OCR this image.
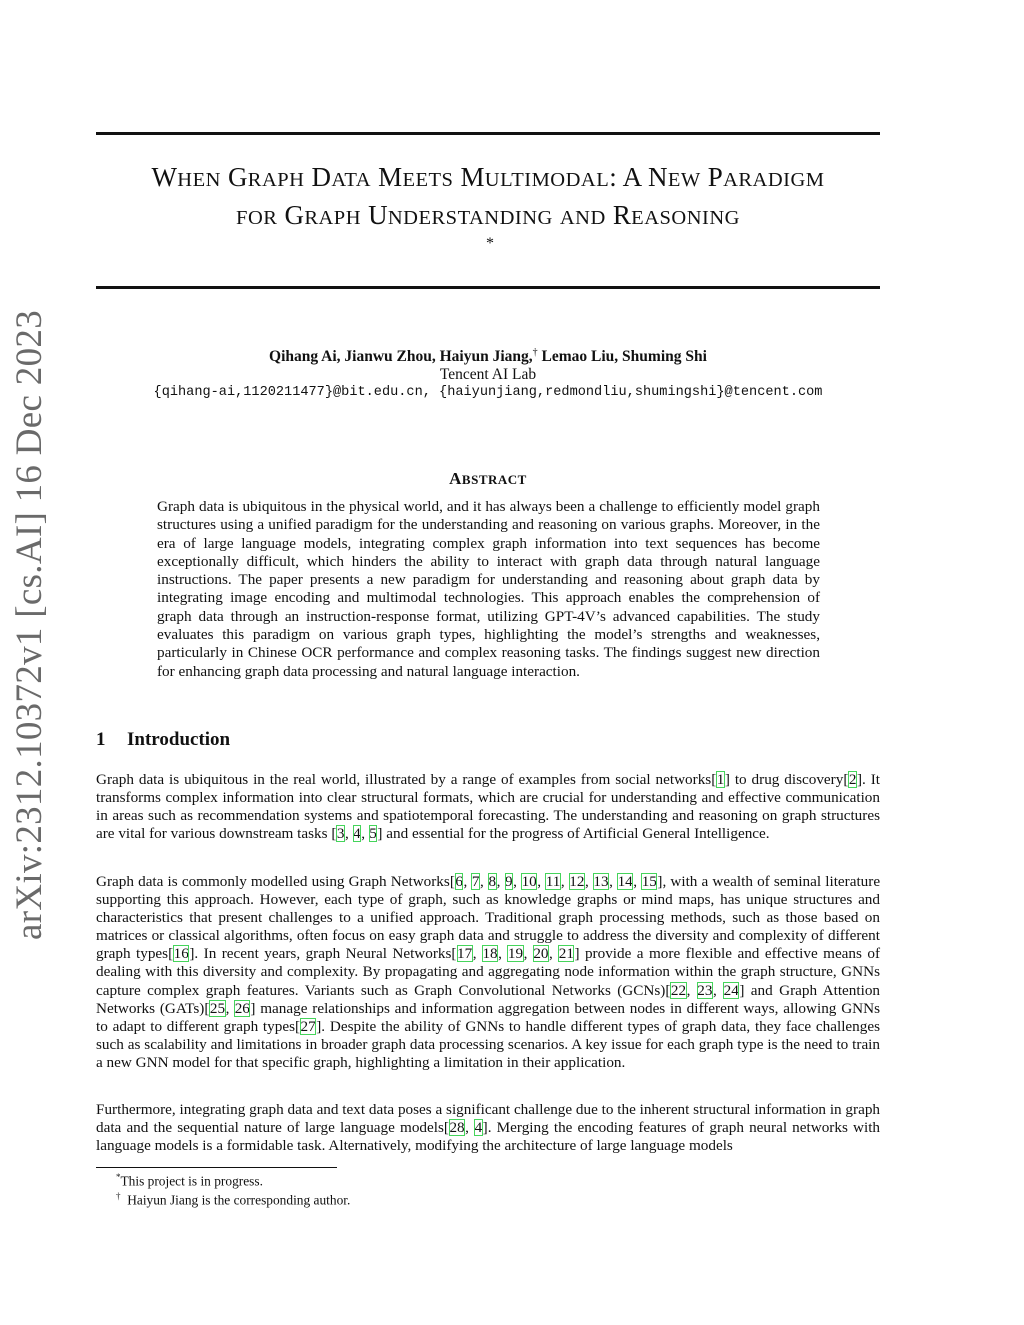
WHEN GRAPH DATA MEETS MULTIMODAL: A NEW PARADIGM
FOR GRAPH UNDERSTANDING AND REASONING
*
Qihang Ai, Jianwu Zhou, Haiyun Jiang,† Lemao Liu, Shuming Shi
Tencent AI Lab
{qihang-ai,1120211477}@bit.edu.cn, {haiyunjiang,redmondliu,shumingshi}@tencent.com
ABSTRACT
Graph data is ubiquitous in the physical world, and it has always been a challenge to efficiently model graph structures using a unified paradigm for the understanding and reasoning on various graphs. Moreover, in the era of large language models, integrating complex graph information into text sequences has become exceptionally difficult, which hinders the ability to interact with graph data through natural language instructions. The paper presents a new paradigm for understanding and reasoning about graph data by integrating image encoding and multimodal technologies. This approach enables the comprehension of graph data through an instruction-response format, utilizing GPT-4V’s advanced capabilities. The study evaluates this paradigm on various graph types, highlighting the model’s strengths and weaknesses, particularly in Chinese OCR performance and complex reasoning tasks. The findings suggest new direction for enhancing graph data processing and natural language interaction.
1 Introduction
Graph data is ubiquitous in the real world, illustrated by a range of examples from social networks[1] to drug discovery[2]. It transforms complex information into clear structural formats, which are crucial for understanding and effective communication in areas such as recommendation systems and spatiotemporal forecasting. The understanding and reasoning on graph structures are vital for various downstream tasks [3, 4, 5] and essential for the progress of Artificial General Intelligence.
Graph data is commonly modelled using Graph Networks[6, 7, 8, 9, 10, 11, 12, 13, 14, 15], with a wealth of seminal literature supporting this approach. However, each type of graph, such as knowledge graphs or mind maps, has unique structures and characteristics that present challenges to a unified approach. Traditional graph processing methods, such as those based on matrices or classical algorithms, often focus on easy graph data and struggle to address the diversity and complexity of different graph types[16]. In recent years, graph Neural Networks[17, 18, 19, 20, 21] provide a more flexible and effective means of dealing with this diversity and complexity. By propagating and aggregating node information within the graph structure, GNNs capture complex graph features. Variants such as Graph Convolutional Networks (GCNs)[22, 23, 24] and Graph Attention Networks (GATs)[25, 26] manage relationships and information aggregation between nodes in different ways, allowing GNNs to adapt to different graph types[27]. Despite the ability of GNNs to handle different types of graph data, they face challenges such as scalability and limitations in broader graph data processing scenarios. A key issue for each graph type is the need to train a new GNN model for that specific graph, highlighting a limitation in their application.
Furthermore, integrating graph data and text data poses a significant challenge due to the inherent structural information in graph data and the sequential nature of large language models[28, 4]. Merging the encoding features of graph neural networks with language models is a formidable task. Alternatively, modifying the architecture of large language models
*This project is in progress.
† Haiyun Jiang is the corresponding author.
arXiv:2312.10372v1 [cs.AI] 16 Dec 2023
